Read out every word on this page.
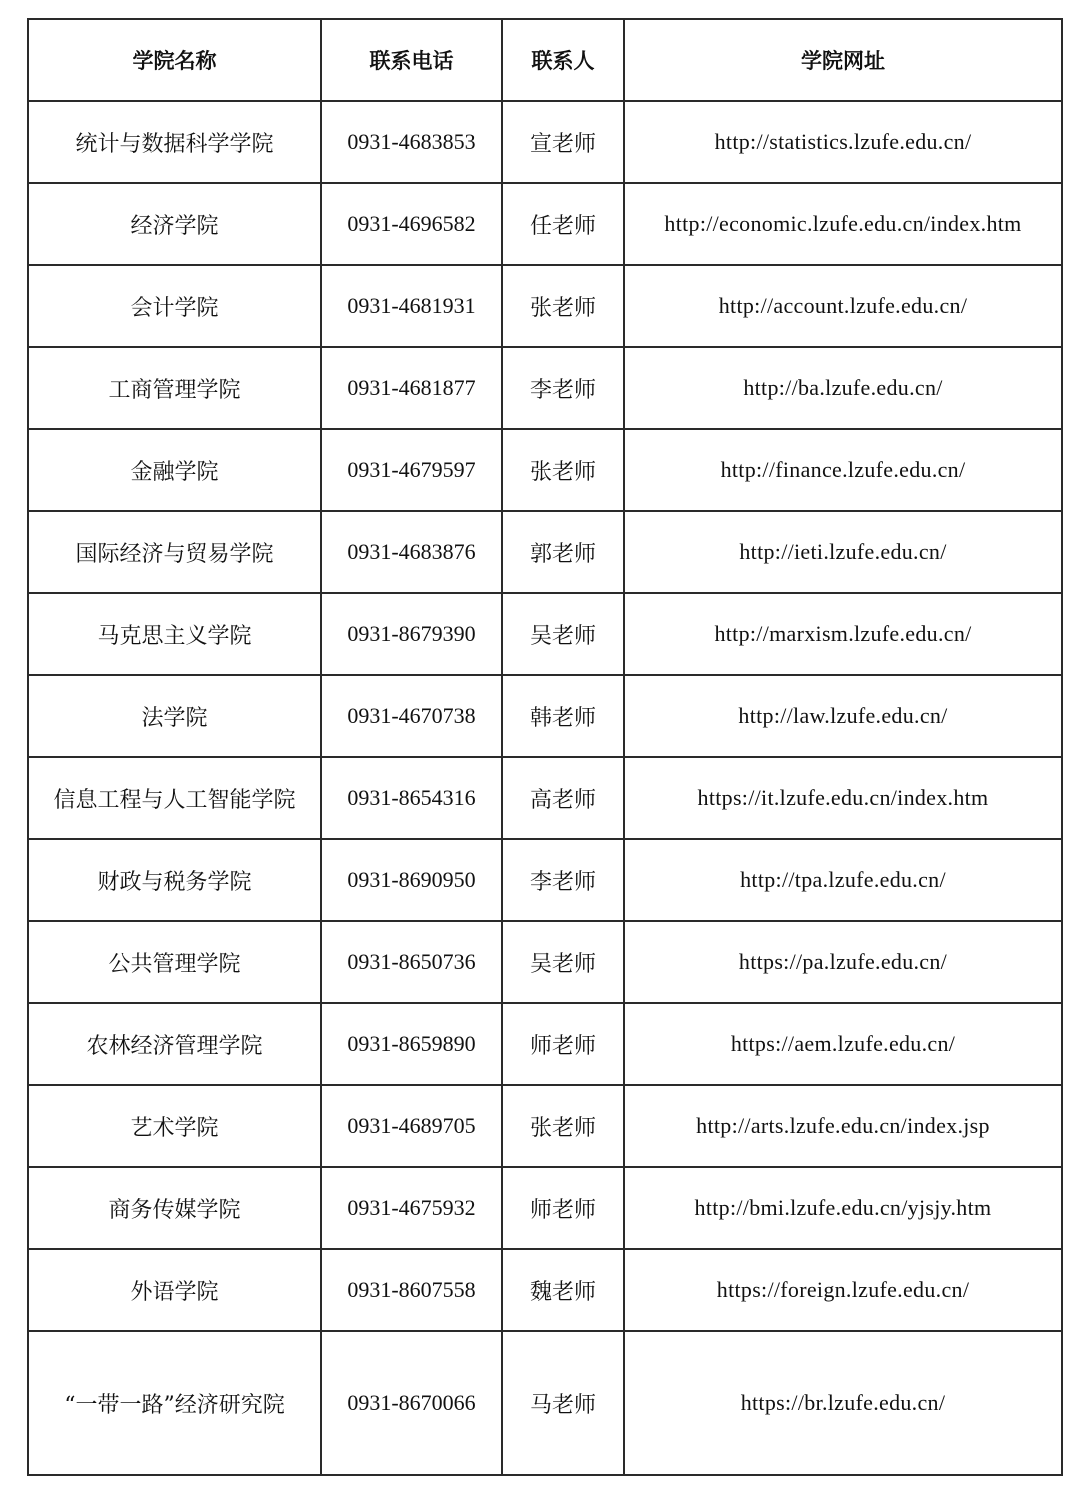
学院名称	联系电话	联系人	学院网址
统计与数据科学学院	0931-4683853	宣老师	http://statistics.lzufe.edu.cn/
经济学院	0931-4696582	任老师	http://economic.lzufe.edu.cn/index.htm
会计学院	0931-4681931	张老师	http://account.lzufe.edu.cn/
工商管理学院	0931-4681877	李老师	http://ba.lzufe.edu.cn/
金融学院	0931-4679597	张老师	http://finance.lzufe.edu.cn/
国际经济与贸易学院	0931-4683876	郭老师	http://ieti.lzufe.edu.cn/
马克思主义学院	0931-8679390	吴老师	http://marxism.lzufe.edu.cn/
法学院	0931-4670738	韩老师	http://law.lzufe.edu.cn/
信息工程与人工智能学院	0931-8654316	高老师	https://it.lzufe.edu.cn/index.htm
财政与税务学院	0931-8690950	李老师	http://tpa.lzufe.edu.cn/
公共管理学院	0931-8650736	吴老师	https://pa.lzufe.edu.cn/
农林经济管理学院	0931-8659890	师老师	https://aem.lzufe.edu.cn/
艺术学院	0931-4689705	张老师	http://arts.lzufe.edu.cn/index.jsp
商务传媒学院	0931-4675932	师老师	http://bmi.lzufe.edu.cn/yjsjy.htm
外语学院	0931-8607558	魏老师	https://foreign.lzufe.edu.cn/
“一带一路”经济研究院	0931-8670066	马老师	https://br.lzufe.edu.cn/
